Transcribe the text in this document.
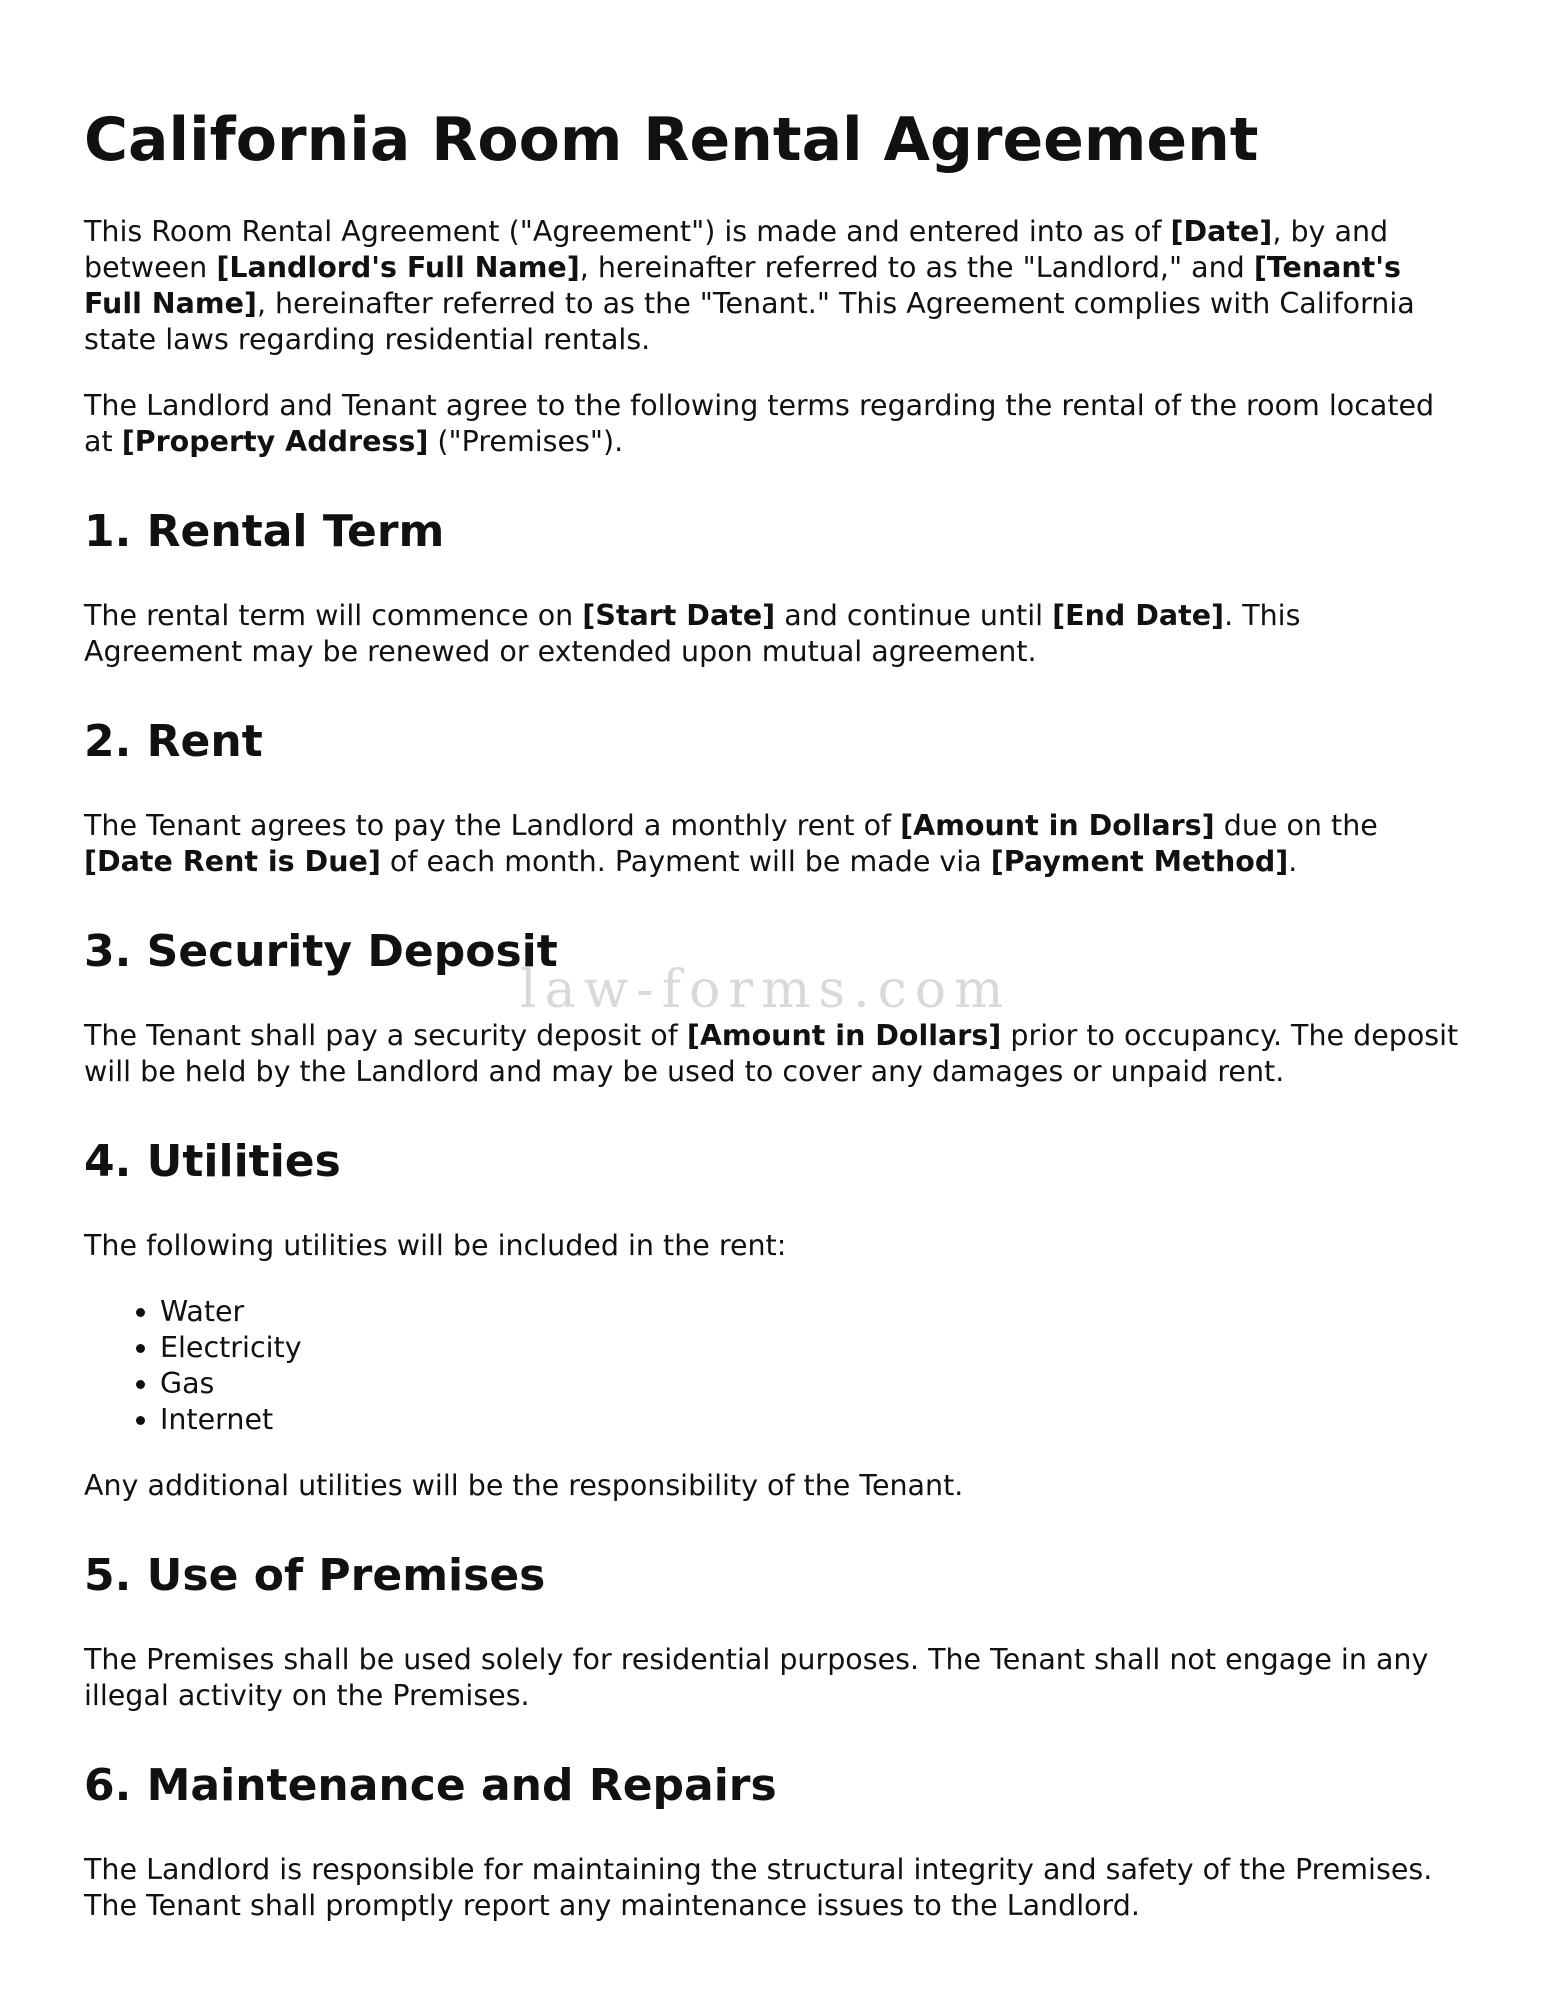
California Room Rental Agreement

This Room Rental Agreement ("Agreement") is made and entered into as of [Date], by and between [Landlord's Full Name], hereinafter referred to as the "Landlord," and [Tenant's Full Name], hereinafter referred to as the "Tenant." This Agreement complies with California state laws regarding residential rentals.

The Landlord and Tenant agree to the following terms regarding the rental of the room located at [Property Address] ("Premises").

1. Rental Term

The rental term will commence on [Start Date] and continue until [End Date]. This Agreement may be renewed or extended upon mutual agreement.

2. Rent

The Tenant agrees to pay the Landlord a monthly rent of [Amount in Dollars] due on the [Date Rent is Due] of each month. Payment will be made via [Payment Method].

3. Security Deposit

The Tenant shall pay a security deposit of [Amount in Dollars] prior to occupancy. The deposit will be held by the Landlord and may be used to cover any damages or unpaid rent.

4. Utilities

The following utilities will be included in the rent:

• Water
• Electricity
• Gas
• Internet

Any additional utilities will be the responsibility of the Tenant.

5. Use of Premises

The Premises shall be used solely for residential purposes. The Tenant shall not engage in any illegal activity on the Premises.

6. Maintenance and Repairs

The Landlord is responsible for maintaining the structural integrity and safety of the Premises. The Tenant shall promptly report any maintenance issues to the Landlord.

law-forms.com
